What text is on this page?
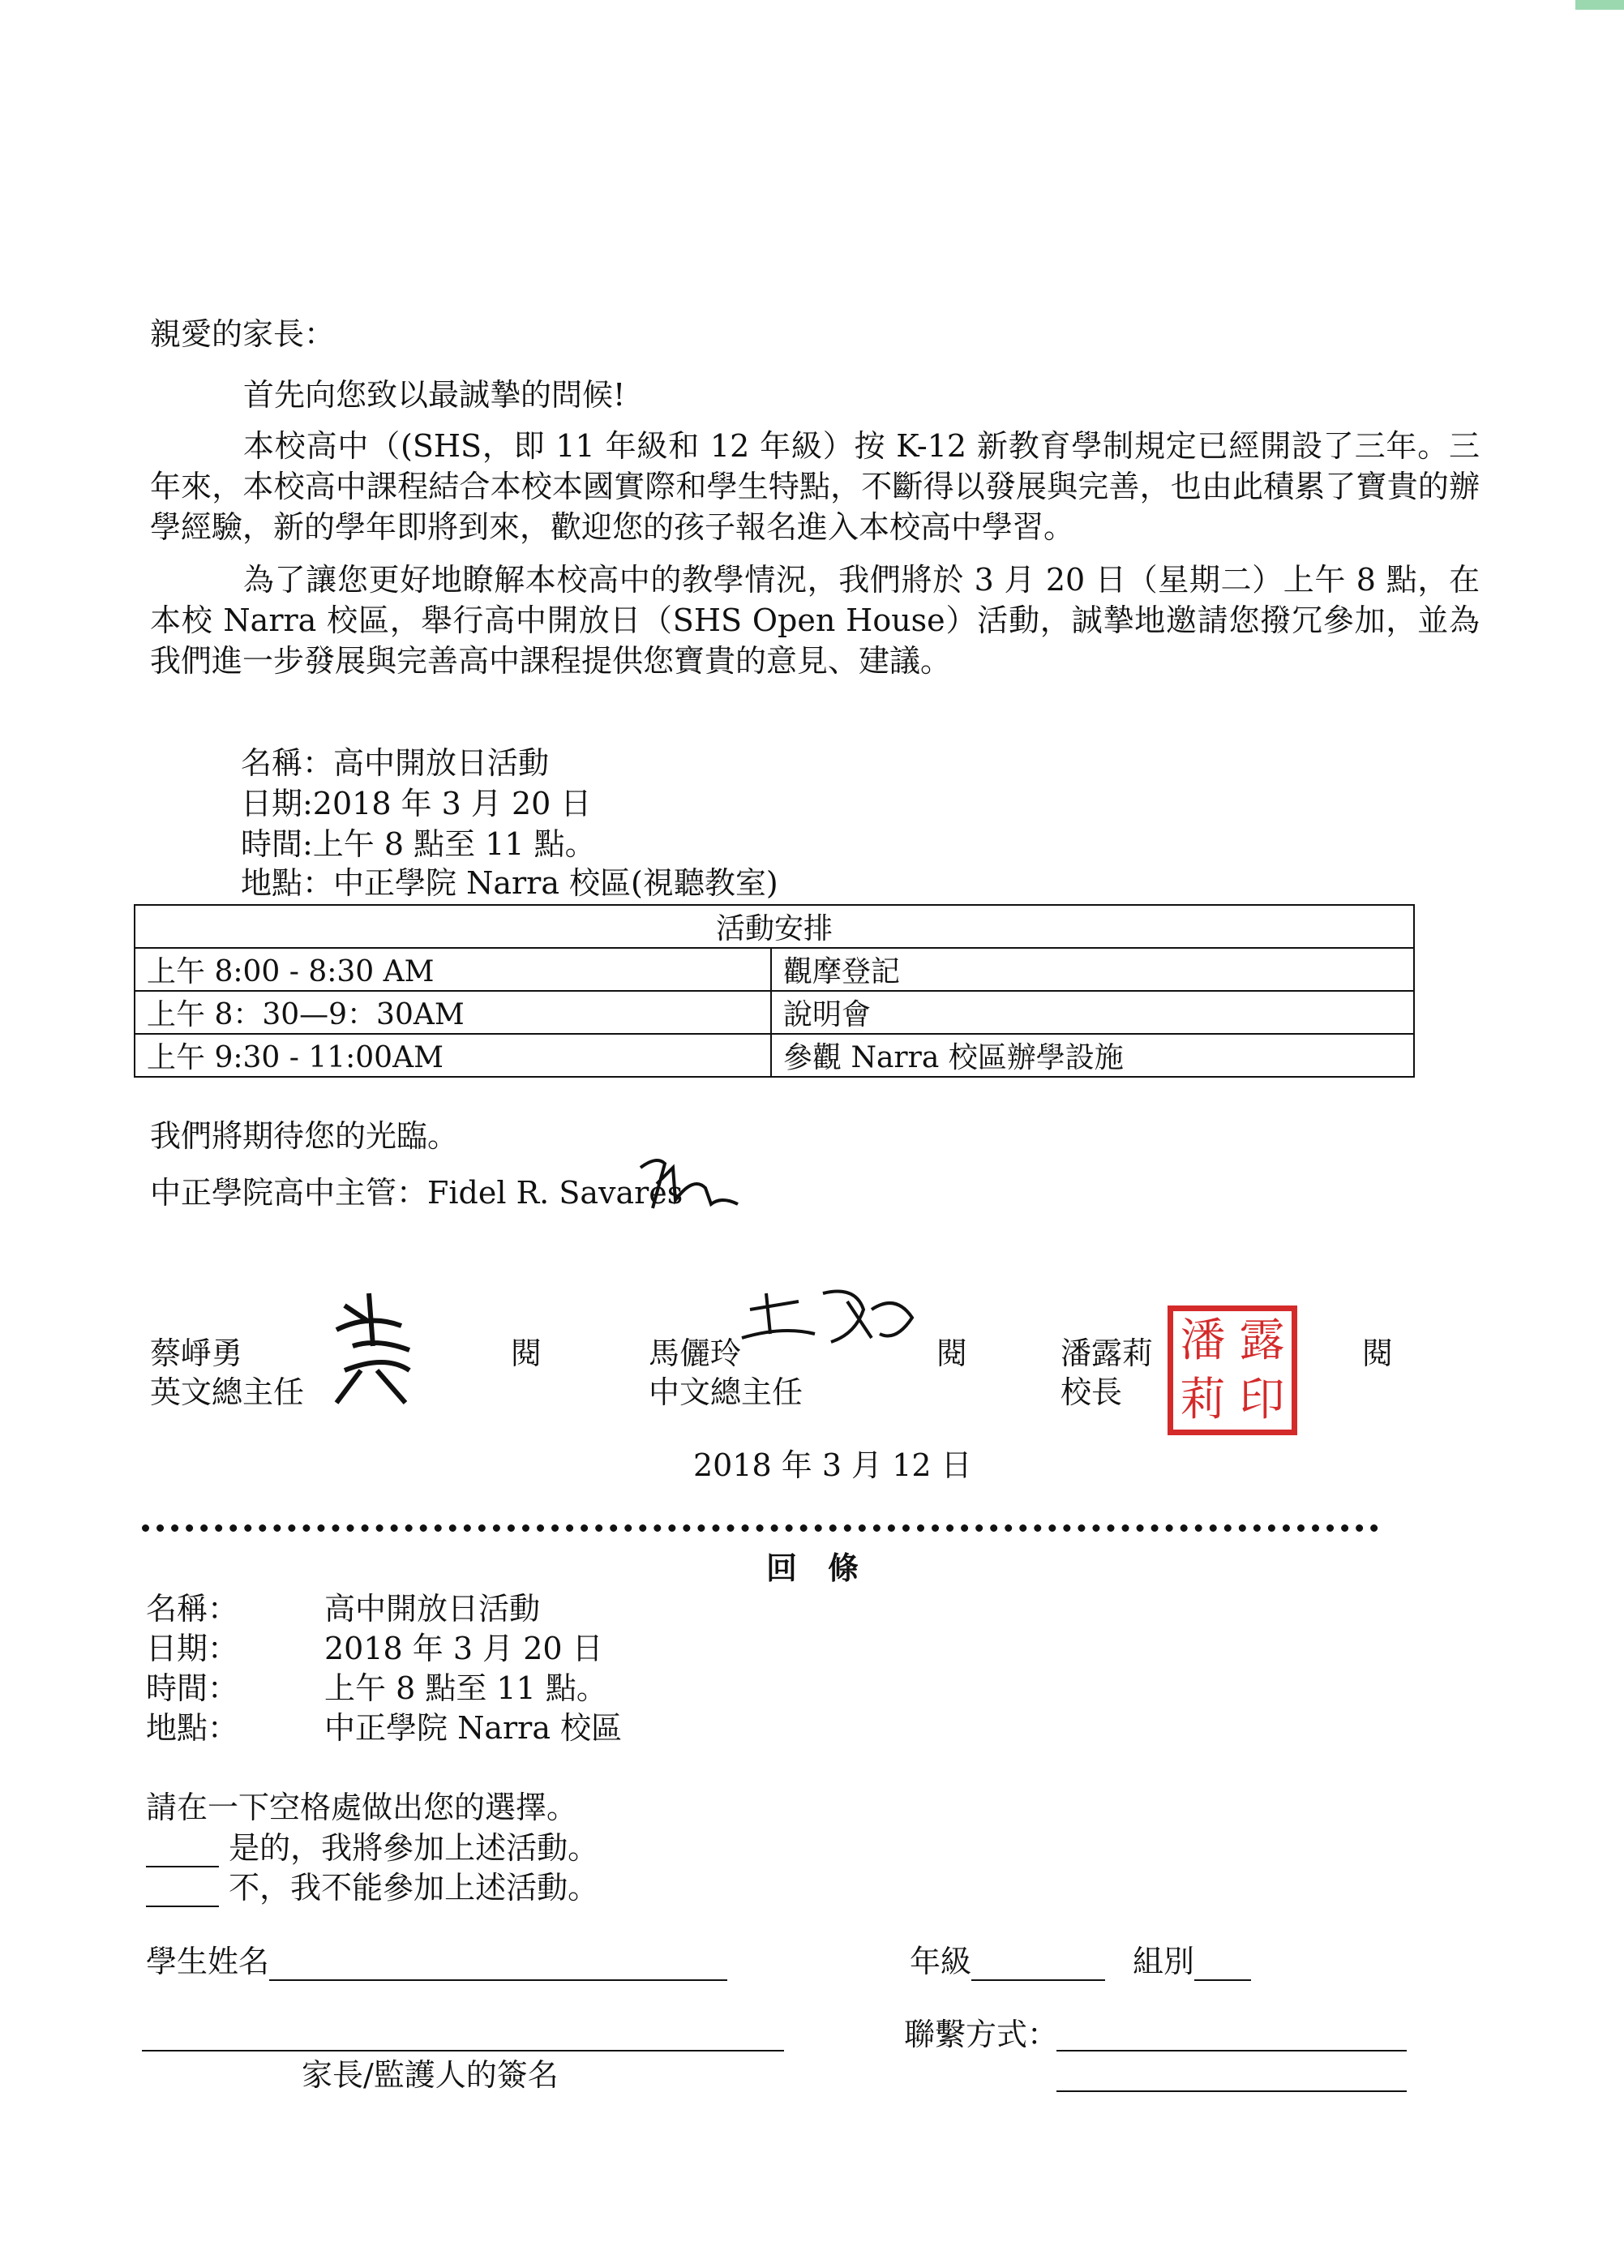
親愛的家長：
首先向您致以最誠摯的問候!
本校高中（(SHS，即 11 年級和 12 年級）按 K-12 新教育學制規定已經開設了三年。三年來，本校高中課程結合本校本國實際和學生特點，不斷得以發展與完善，也由此積累了寶貴的辦學經驗，新的學年即將到來，歡迎您的孩子報名進入本校高中學習。
為了讓您更好地瞭解本校高中的教學情況，我們將於 3 月 20 日（星期二）上午 8 點，在本校 Narra 校區，舉行高中開放日（SHS Open House）活動，誠摯地邀請您撥冗參加，並為我們進一步發展與完善高中課程提供您寶貴的意見、建議。
名稱：高中開放日活動
日期:2018 年 3 月 20 日
時間:上午 8 點至 11 點。
地點：中正學院 Narra 校區(視聽教室)
活動安排	
上午 8:00 - 8:30 AM	觀摩登記
上午 8：30—9：30AM	說明會
上午 9:30 - 11:00AM	參觀 Narra 校區辦學設施
我們將期待您的光臨。
中正學院高中主管：Fidel R. Savares
蔡崢勇
英文總主任
閱	馬儷玲
中文總主任
閱	潘露莉
校長
閱
潘 露
莉 印
2018 年 3 月 12 日
回　條
名稱：	高中開放日活動
日期：	2018 年 3 月 20 日
時間：	上午 8 點至 11 點。
地點：	中正學院 Narra 校區
請在一下空格處做出您的選擇。
是的，我將參加上述活動。
不，我不能參加上述活動。
學生姓名	年級	組別
家長/監護人的簽名
聯繫方式：
